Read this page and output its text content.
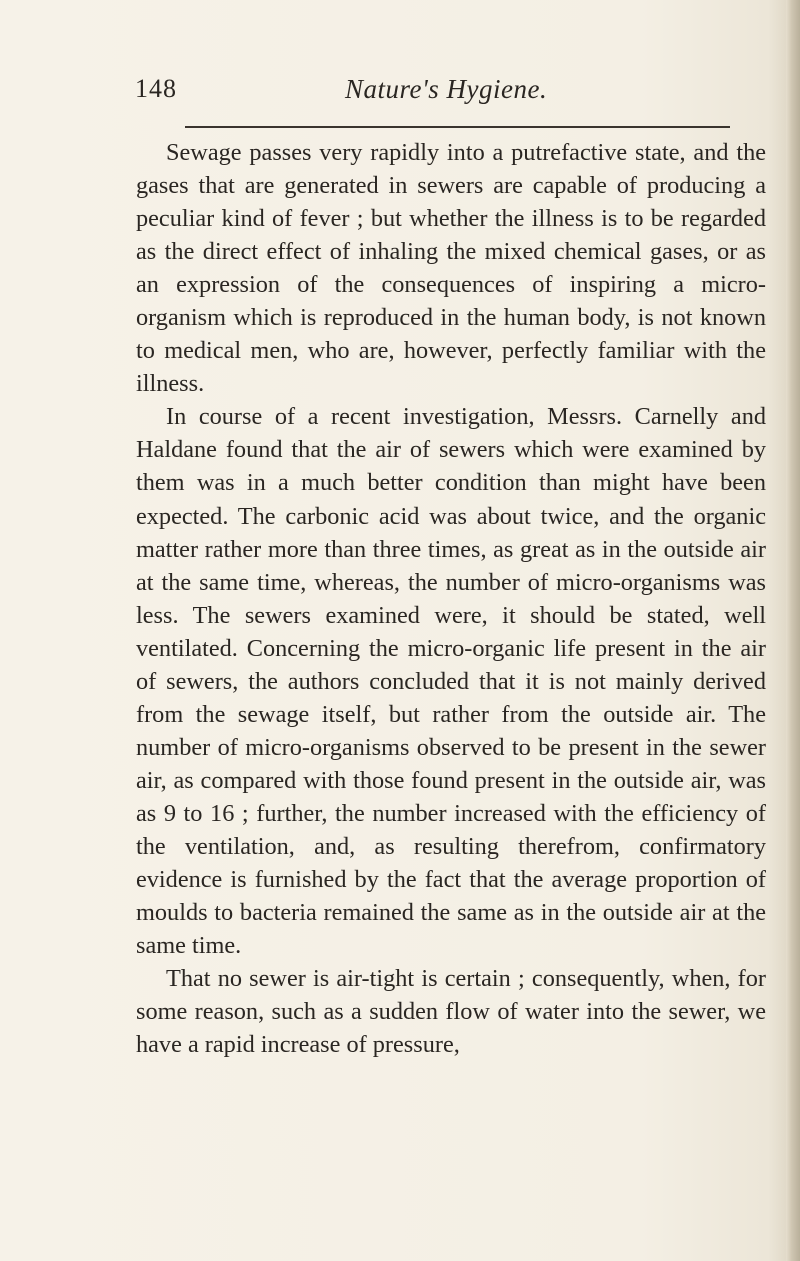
148	Nature's Hygiene.

Sewage passes very rapidly into a putrefactive state, and the gases that are generated in sewers are capable of producing a peculiar kind of fever ; but whether the illness is to be regarded as the direct effect of inhaling the mixed chemical gases, or as an expression of the consequences of inspiring a micro-organism which is reproduced in the human body, is not known to medical men, who are, however, perfectly familiar with the illness.

In course of a recent investigation, Messrs. Carnelly and Haldane found that the air of sewers which were examined by them was in a much better condition than might have been expected. The carbonic acid was about twice, and the organic matter rather more than three times, as great as in the outside air at the same time, whereas, the number of micro-organisms was less. The sewers examined were, it should be stated, well ventilated. Concerning the micro-organic life present in the air of sewers, the authors concluded that it is not mainly derived from the sewage itself, but rather from the outside air. The number of micro-organisms observed to be present in the sewer air, as compared with those found present in the outside air, was as 9 to 16 ; further, the number increased with the efficiency of the ventilation, and, as resulting therefrom, confirmatory evidence is furnished by the fact that the average proportion of moulds to bacteria remained the same as in the outside air at the same time.

That no sewer is air-tight is certain ; consequently, when, for some reason, such as a sudden flow of water into the sewer, we have a rapid increase of pressure,
